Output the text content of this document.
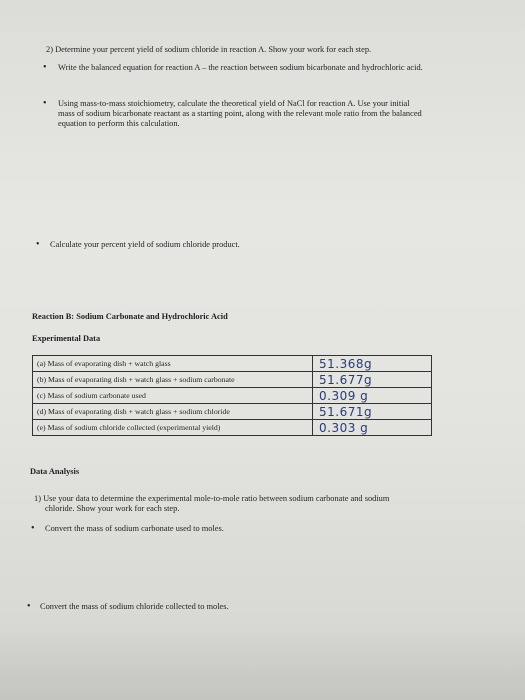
2) Determine your percent yield of sodium chloride in reaction A. Show your work for each step.
• Write the balanced equation for reaction A – the reaction between sodium bicarbonate and hydrochloric acid.
• Using mass-to-mass stoichiometry, calculate the theoretical yield of NaCl for reaction A. Use your initial
mass of sodium bicarbonate reactant as a starting point, along with the relevant mole ratio from the balanced
equation to perform this calculation.
• Calculate your percent yield of sodium chloride product.
Reaction B: Sodium Carbonate and Hydrochloric Acid
Experimental Data
(a) Mass of evaporating dish + watch glass	51.368g
(b) Mass of evaporating dish + watch glass + sodium carbonate	51.677g
(c) Mass of sodium carbonate used	0.309 g
(d) Mass of evaporating dish + watch glass + sodium chloride	51.671g
(e) Mass of sodium chloride collected (experimental yield)	0.303 g
Data Analysis
1) Use your data to determine the experimental mole-to-mole ratio between sodium carbonate and sodium
chloride. Show your work for each step.
• Convert the mass of sodium carbonate used to moles.
• Convert the mass of sodium chloride collected to moles.
